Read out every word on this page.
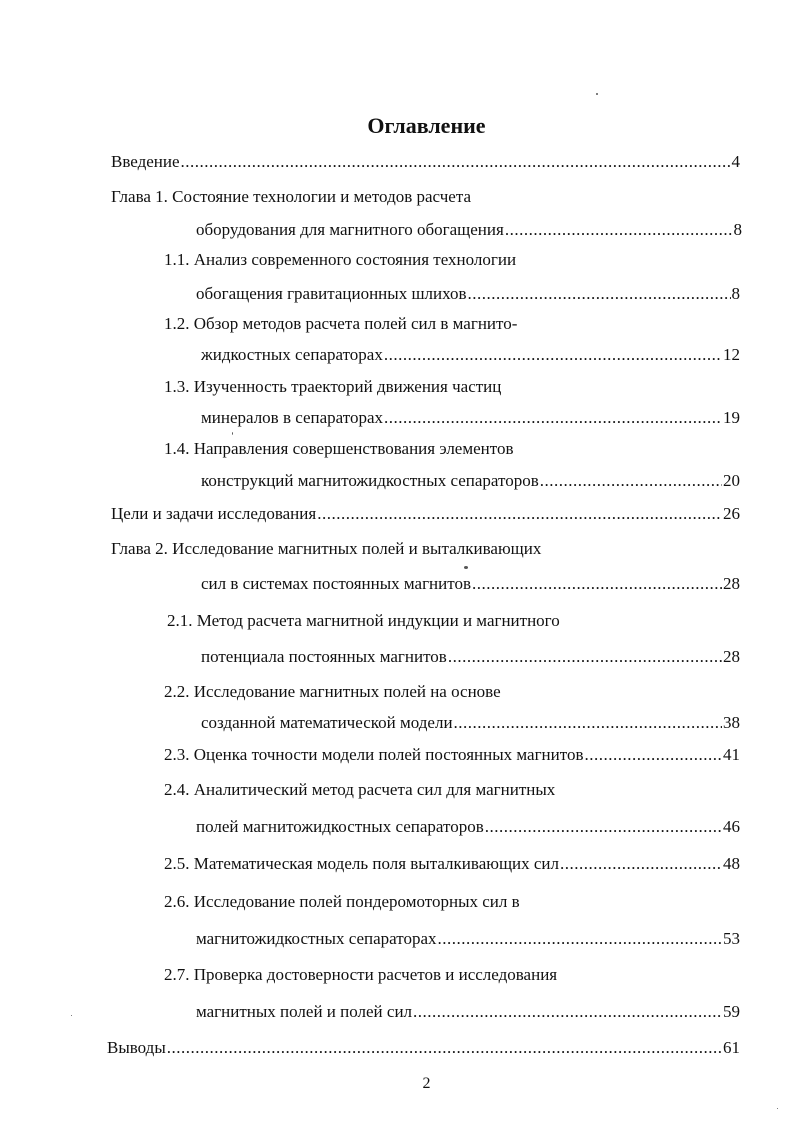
Оглавление
Введение .....	4
Глава 1. Состояние технологии и методов расчета
оборудования для магнитного обогащения .....	8
1.1. Анализ современного состояния технологии
обогащения гравитационных шлихов .....	8
1.2. Обзор методов расчета полей сил в магнито-
жидкостных сепараторах .....	12
1.3. Изученность траекторий движения частиц
минералов в сепараторах .....	19
1.4. Направления совершенствования элементов
конструкций магнитожидкостных сепараторов .....	20
Цели и задачи исследования .....	26
Глава 2. Исследование магнитных полей и выталкивающих
сил в системах постоянных магнитов .....	28
2.1. Метод расчета магнитной индукции и магнитного
потенциала постоянных магнитов .....	28
2.2. Исследование магнитных полей на основе
созданной математической модели .....	38
2.3. Оценка точности модели полей постоянных магнитов .....	41
2.4. Аналитический метод расчета сил для магнитных
полей магнитожидкостных сепараторов .....	46
2.5. Математическая модель поля выталкивающих сил .....	48
2.6. Исследование полей пондеромоторных сил в
магнитожидкостных сепараторах .....	53
2.7. Проверка достоверности расчетов и исследования
магнитных полей и полей сил .....	59
Выводы .....	61
2
